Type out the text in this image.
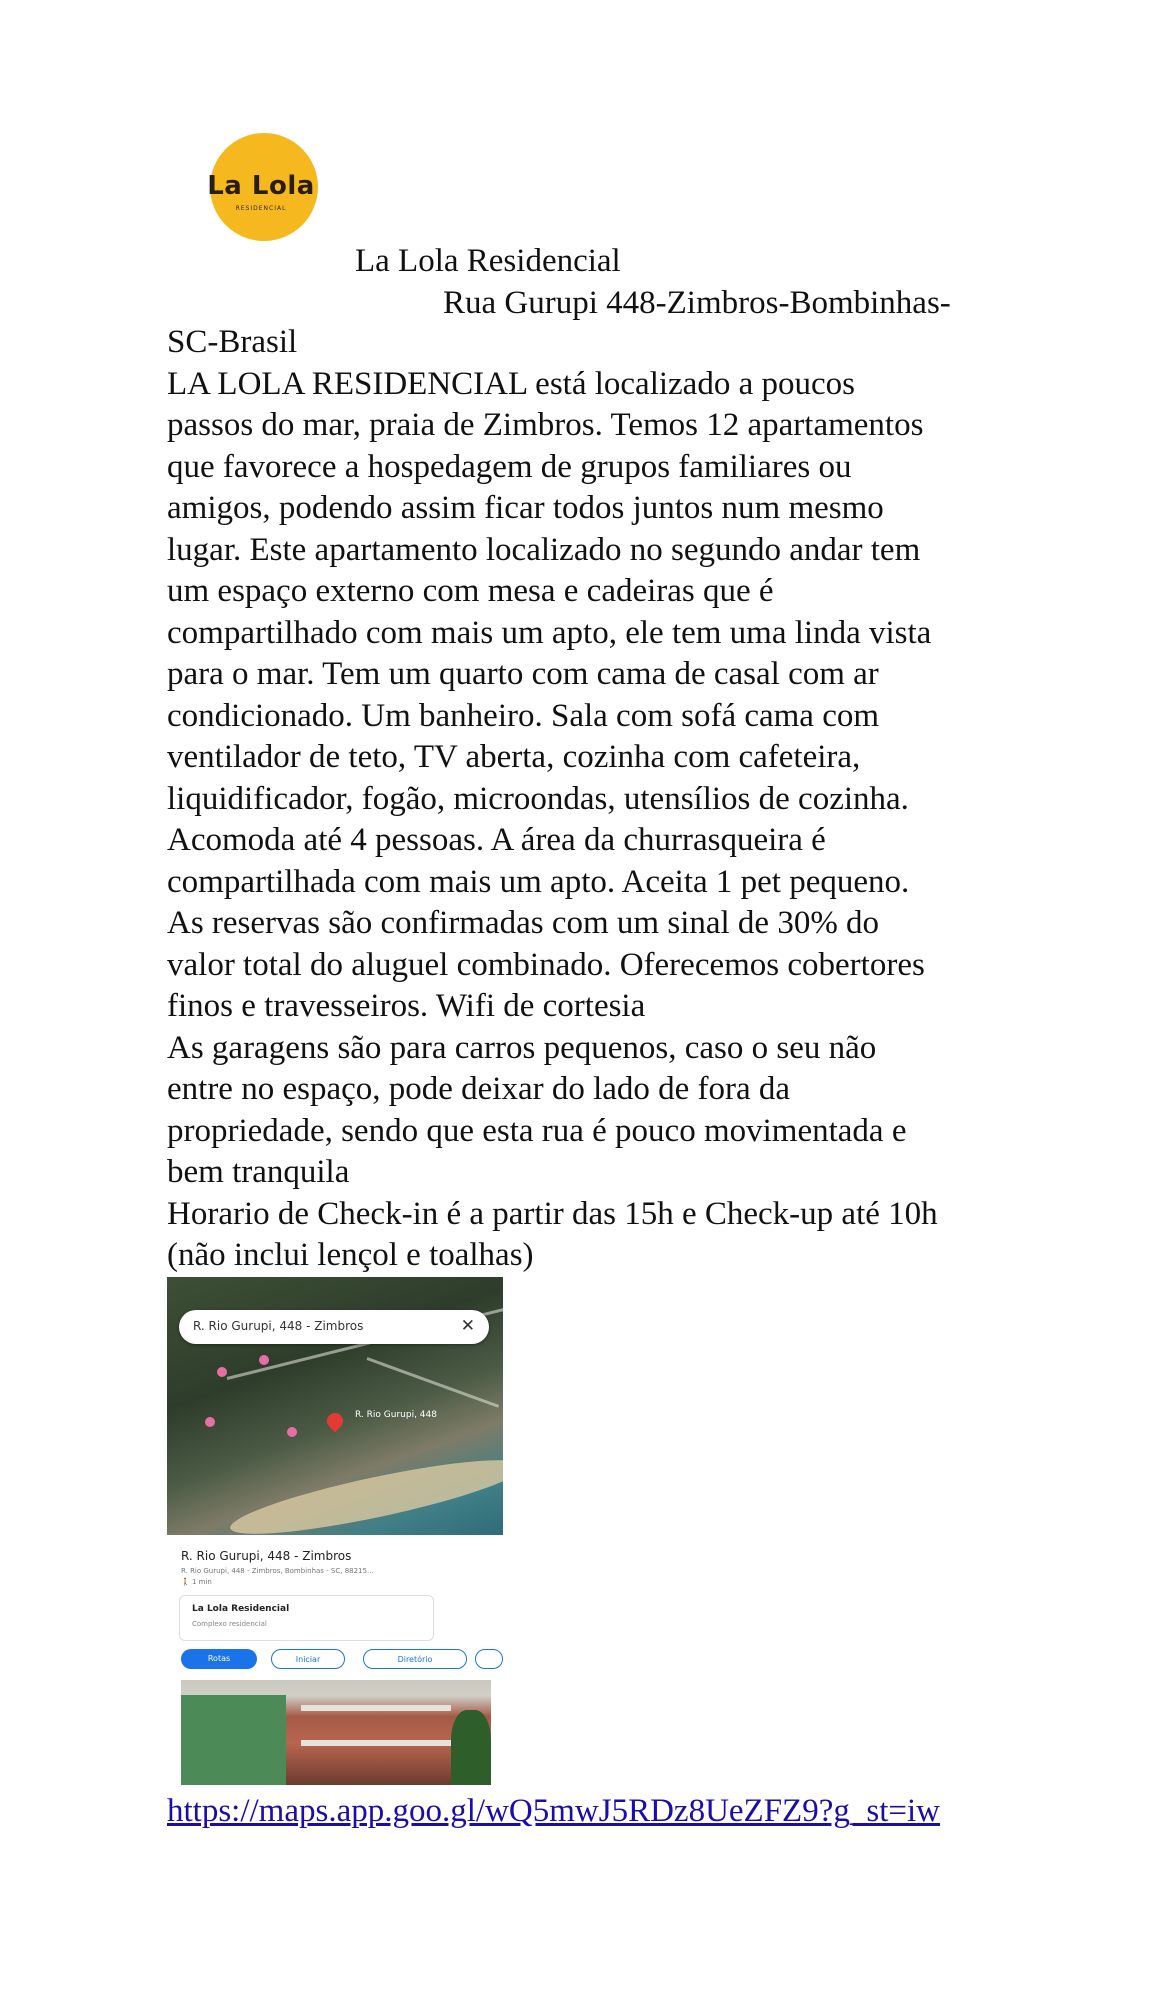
La Lola
RESIDENCIAL
La Lola Residencial
Rua Gurupi 448-Zimbros-Bombinhas-
SC-Brasil
LA LOLA RESIDENCIAL está localizado a poucos
passos do mar, praia de Zimbros. Temos 12 apartamentos
que favorece a hospedagem de grupos familiares ou
amigos, podendo assim ficar todos juntos num mesmo
lugar. Este apartamento localizado no segundo andar tem
um espaço externo com mesa e cadeiras que é
compartilhado com mais um apto, ele tem uma linda vista
para o mar. Tem um quarto com cama de casal com ar
condicionado. Um banheiro. Sala com sofá cama com
ventilador de teto, TV aberta, cozinha com cafeteira,
liquidificador, fogão, microondas, utensílios de cozinha.
Acomoda até 4 pessoas. A área da churrasqueira é
compartilhada com mais um apto. Aceita 1 pet pequeno.
As reservas são confirmadas com um sinal de 30% do
valor total do aluguel combinado. Oferecemos cobertores
finos e travesseiros. Wifi de cortesia
As garagens são para carros pequenos, caso o seu não
entre no espaço, pode deixar do lado de fora da
propriedade, sendo que esta rua é pouco movimentada e
bem tranquila
Horario de Check-in é a partir das 15h e Check-up até 10h
(não inclui lençol e toalhas)
R. Rio Gurupi, 448 - Zimbros	✕
R. Rio Gurupi, 448
R. Rio Gurupi, 448 - Zimbros
R. Rio Gurupi, 448 - Zimbros, Bombinhas - SC, 88215...
🚶 1 min
La Lola Residencial
Complexo residencial
Rotas	Iniciar	Diretório
https://maps.app.goo.gl/wQ5mwJ5RDz8UeZFZ9?g_st=iw
